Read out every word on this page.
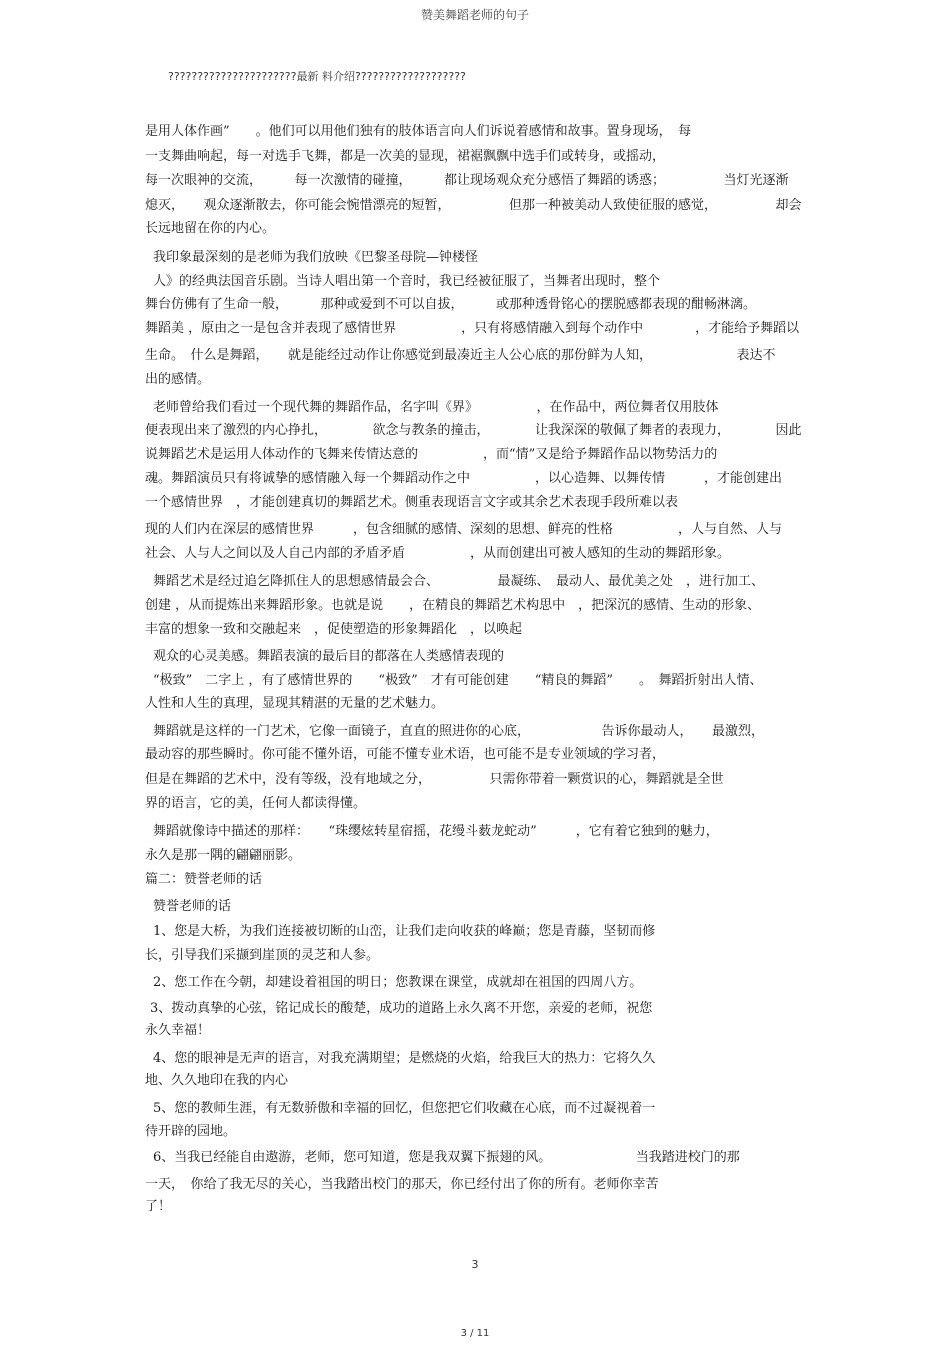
赞美舞蹈老师的句子
??????????????????????最新 料介绍???????????????????
是用人体作画”　　。他们可以用他们独有的肢体语言向人们诉说着感情和故事。置身现场，　每
一支舞曲响起，每一对选手飞舞，都是一次美的显现，裙裾飘飘中选手们或转身，或摇动，
每一次眼神的交流，　　　每一次激情的碰撞，　　　都让现场观众充分感悟了舞蹈的诱惑；　　　　　当灯光逐渐
熄灭，　　观众逐渐散去，你可能会惋惜漂亮的短暂，　　　　　但那一种被美动人致使征服的感觉，　　　　　却会
长远地留在你的内心。
我印象最深刻的是老师为我们放映《巴黎圣母院—钟楼怪
人》的经典法国音乐剧。当诗人唱出第一个音时，我已经被征服了，当舞者出现时，整个
舞台仿佛有了生命一般，　　　那种或爱到不可以自拔，　　　或那种透骨铭心的摆脱感都表现的酣畅淋漓。
舞蹈美 ，原由之一是包含并表现了感情世界　　　　　，只有将感情融入到每个动作中　　　　，才能给予舞蹈以
生命。　什么是舞蹈，　　就是能经过动作让你感觉到最凑近主人公心底的那份鲜为人知，　　　　　　　表达不
出的感情。
老师曾给我们看过一个现代舞的舞蹈作品，名字叫《界》　　　　　，在作品中，两位舞者仅用肢体
便表现出来了激烈的内心挣扎，　　　　欲念与教条的撞击，　　　　让我深深的敬佩了舞者的表现力，　　　　因此
说舞蹈艺术是运用人体动作的飞舞来传情达意的　　　　　，而“情”又是给予舞蹈作品以物势活力的
魂。舞蹈演员只有将诚挚的感情融入每一个舞蹈动作之中　　　　　，以心造舞、以舞传情　　　，才能创建出
一个感情世界　，才能创建真切的舞蹈艺术。侧重表现语言文字或其余艺术表现手段所难以表
现的人们内在深层的感情世界　　　，包含细腻的感情、深刻的思想、鲜亮的性格　　　　　，人与自然、人与
社会、人与人之间以及人自己内部的矛盾矛盾　　　　　，从而创建出可被人感知的生动的舞蹈形象。
舞蹈艺术是经过追乞降抓住人的思想感情最会合、　　　　　最凝练、　最动人、最优美之处　，进行加工、
创建 ，从而提炼出来舞蹈形象。也就是说　　，在精良的舞蹈艺术构思中　，把深沉的感情、生动的形象、
丰富的想象一致和交融起来　，促使塑造的形象舞蹈化　，以唤起
观众的心灵美感。舞蹈表演的最后目的都落在人类感情表现的
“极致”　二字上 ，有了感情世界的　　“极致”　才有可能创建　　“精良的舞蹈”　　。　舞蹈折射出人情、
人性和人生的真理，显现其精湛的无量的艺术魅力。
舞蹈就是这样的一门艺术，它像一面镜子，直直的照进你的心底，　　　　　　告诉你最动人，　　最激烈，
最动容的那些瞬时。你可能不懂外语，可能不懂专业术语，也可能不是专业领域的学习者，
但是在舞蹈的艺术中，没有等级，没有地域之分，　　　　　只需你带着一颗赏识的心，舞蹈就是全世
界的语言，它的美，任何人都读得懂。
舞蹈就像诗中描述的那样：　　“珠缨炫转星宿摇，花缦斗薮龙蛇动”　　　，它有着它独到的魅力，
永久是那一隅的翩翩丽影。
篇二：赞誉老师的话
赞誉老师的话
1、您是大桥，为我们连接被切断的山峦，让我们走向收获的峰巅；您是青藤，坚韧而修
长，引导我们采撷到崖顶的灵芝和人参。
2、您工作在今朝，却建设着祖国的明日；您教课在课堂，成就却在祖国的四周八方。
3、拨动真挚的心弦，铭记成长的酸楚，成功的道路上永久离不开您，亲爱的老师，祝您
永久幸福！
4、您的眼神是无声的语言，对我充满期望；是燃烧的火焰，给我巨大的热力：它将久久
地、久久地印在我的内心
5、您的教师生涯，有无数骄傲和幸福的回忆，但您把它们收藏在心底，而不过凝视着一
待开辟的园地。
6、当我已经能自由遨游，老师，您可知道，您是我双翼下振翅的风。　　　　　　　当我踏进校门的那
一天，　你给了我无尽的关心，当我踏出校门的那天，你已经付出了你的所有。老师你幸苦
了！
3
3 / 11
